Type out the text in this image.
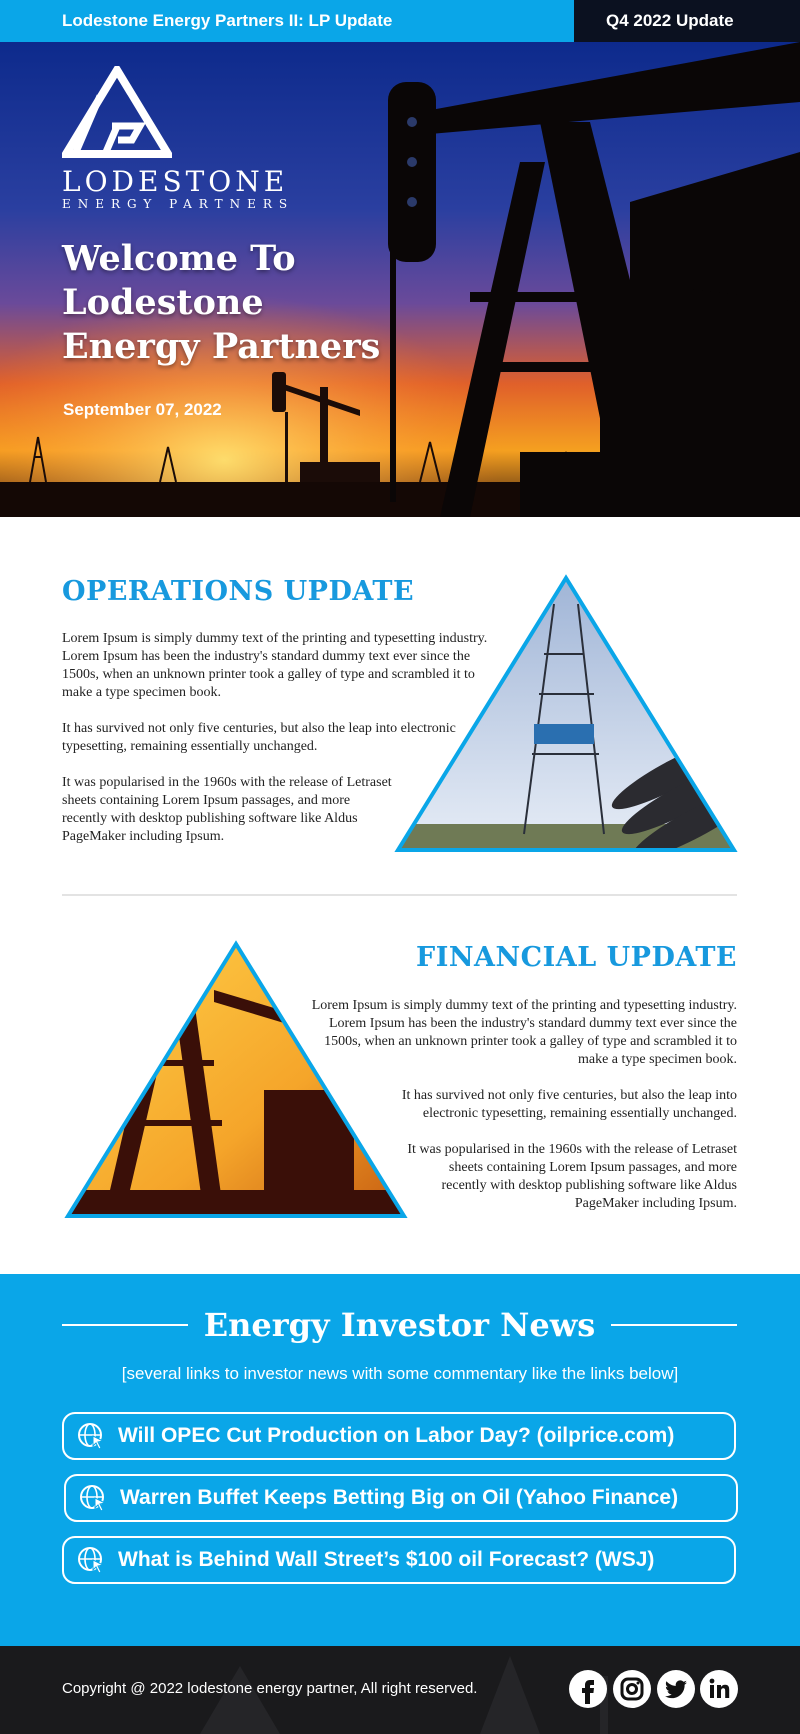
Lodestone Energy Partners II: LP Update	Q4 2022 Update
LODESTONE
ENERGY PARTNERS
Welcome To
Lodestone
Energy Partners
September 07, 2022
OPERATIONS UPDATE

Lorem Ipsum is simply dummy text of the printing and typesetting industry. Lorem Ipsum has been the industry's standard dummy text ever since the 1500s, when an unknown printer took a galley of type and scrambled it to make a type specimen book.

It has survived not only five centuries, but also the leap into electronic typesetting, remaining essentially unchanged.

It was popularised in the 1960s with the release of Letraset sheets containing Lorem Ipsum passages, and more recently with desktop publishing software like Aldus PageMaker including Ipsum.

FINANCIAL UPDATE

Lorem Ipsum is simply dummy text of the printing and typesetting industry. Lorem Ipsum has been the industry's standard dummy text ever since the 1500s, when an unknown printer took a galley of type and scrambled it to make a type specimen book.

It has survived not only five centuries, but also the leap into electronic typesetting, remaining essentially unchanged.

It was popularised in the 1960s with the release of Letraset sheets containing Lorem Ipsum passages, and more recently with desktop publishing software like Aldus PageMaker including Ipsum.

Energy Investor News
[several links to investor news with some commentary like the links below]
Will OPEC Cut Production on Labor Day? (oilprice.com)
Warren Buffet Keeps Betting Big on Oil (Yahoo Finance)
What is Behind Wall Street’s $100 oil Forecast? (WSJ)
Copyright @ 2022 lodestone energy partner, All right reserved.
